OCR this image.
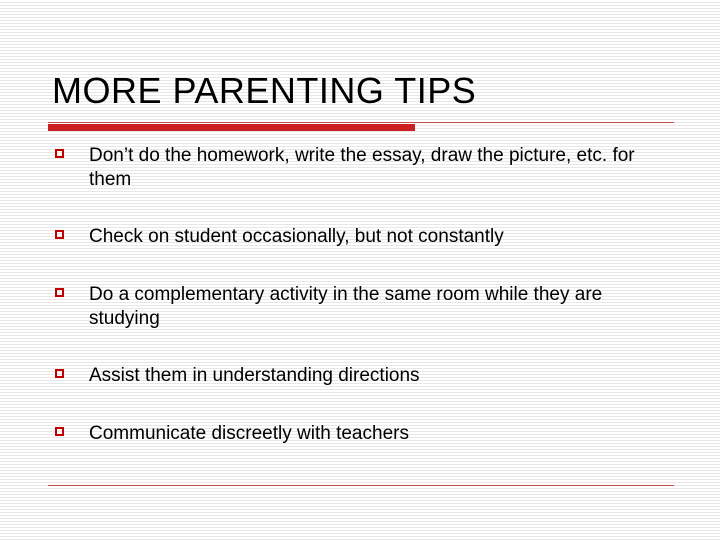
MORE PARENTING TIPS
Don’t do the homework, write the essay, draw the picture, etc. for them
Check on student occasionally, but not constantly
Do a complementary activity in the same room while they are studying
Assist them in understanding directions
Communicate discreetly with teachers
